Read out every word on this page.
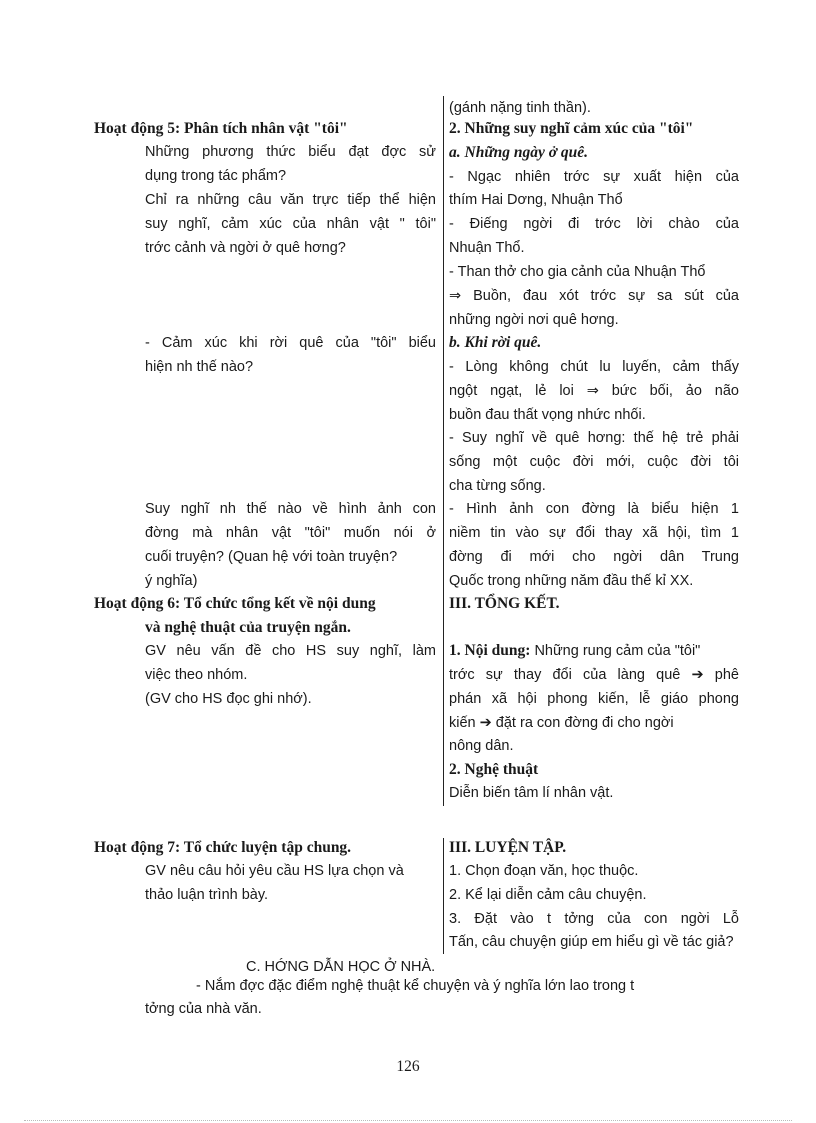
Hoạt động 5: Phân tích nhân vật "tôi"
Những phương thức biểu đạt đợc sử
dụng trong tác phẩm?
Chỉ ra những câu văn trực tiếp thể hiện
suy nghĩ, cảm xúc của nhân vật " tôi"
trớc cảnh và ngời ở quê hơng?
- Cảm xúc khi rời quê của "tôi" biểu
hiện nh thế nào?
Suy nghĩ nh thế nào về hình ảnh con
đờng mà nhân vật "tôi" muốn nói ở
cuối truyện? (Quan hệ với toàn truyện?
ý nghĩa)
Hoạt động 6: Tổ chức tổng kết về nội dung
và nghệ thuật của truyện ngắn.
GV nêu vấn đề cho HS suy nghĩ, làm
việc theo nhóm.
(GV cho HS đọc ghi nhớ).
(gánh nặng tinh thần).
2. Những suy nghĩ cảm xúc của "tôi"
a. Những ngày ở quê.
- Ngạc nhiên trớc sự xuất hiện của
thím Hai Dơng, Nhuận Thổ
- Điếng ngời đi trớc lời chào của
Nhuận Thổ.
- Than thở cho gia cảnh của Nhuận Thổ
⇒ Buồn, đau xót trớc sự sa sút của
những ngời nơi quê hơng.
b. Khi rời quê.
- Lòng không chút lu luyến, cảm thấy
ngột ngạt, lẻ loi ⇒ bức bối, ảo não
buồn đau thất vọng nhức nhối.
- Suy nghĩ về quê hơng: thế hệ trẻ phải
sống một cuộc đời mới, cuộc đời tôi
cha từng sống.
- Hình ảnh con đờng là biểu hiện 1
niềm tin vào sự đổi thay xã hội, tìm 1
đờng đi mới cho ngời dân Trung
Quốc trong những năm đầu thế kỉ XX.
III. TỔNG KẾT.
1. Nội dung: Những rung cảm của "tôi"
trớc sự thay đổi của làng quê ➔ phê
phán xã hội phong kiến, lễ giáo phong
kiến ➔ đặt ra con đờng đi cho ngời
nông dân.
2. Nghệ thuật
Diễn biến tâm lí nhân vật.
Hoạt động 7: Tổ chức luyện tập chung.
GV nêu câu hỏi yêu cầu HS lựa chọn và
thảo luận trình bày.
III. LUYỆN TẬP.
1. Chọn đoạn văn, học thuộc.
2. Kể lại diễn cảm câu chuyện.
3. Đặt vào t tởng của con ngời Lỗ
Tấn, câu chuyện giúp em hiểu gì về tác giả?
C. HỚNG DẪN HỌC Ở NHÀ.
- Nắm đợc đặc điểm nghệ thuật kể chuyện và ý nghĩa lớn lao trong t
tởng của nhà văn.
126
